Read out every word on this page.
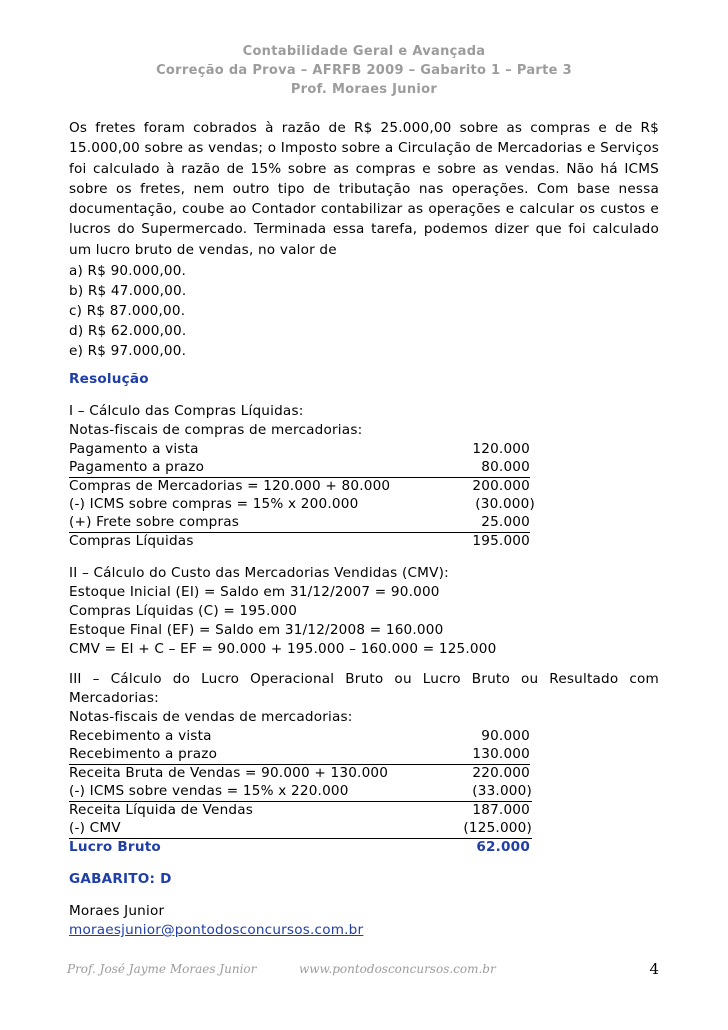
Contabilidade Geral e Avançada
Correção da Prova – AFRFB 2009 – Gabarito 1 – Parte 3
Prof. Moraes Junior
Os fretes foram cobrados à razão de R$ 25.000,00 sobre as compras e de R$ 15.000,00 sobre as vendas; o Imposto sobre a Circulação de Mercadorias e Serviços foi calculado à razão de 15% sobre as compras e sobre as vendas. Não há ICMS sobre os fretes, nem outro tipo de tributação nas operações. Com base nessa documentação, coube ao Contador contabilizar as operações e calcular os custos e lucros do Supermercado. Terminada essa tarefa, podemos dizer que foi calculado um lucro bruto de vendas, no valor de
a) R$ 90.000,00.
b) R$ 47.000,00.
c) R$ 87.000,00.
d) R$ 62.000,00.
e) R$ 97.000,00.
Resolução
I – Cálculo das Compras Líquidas:
Notas-fiscais de compras de mercadorias:
Pagamento a vista	120.000
Pagamento a prazo	80.000
Compras de Mercadorias = 120.000 + 80.000	200.000
(-) ICMS sobre compras = 15% x 200.000	(30.000)
(+) Frete sobre compras	25.000
Compras Líquidas	195.000
II – Cálculo do Custo das Mercadorias Vendidas (CMV):
Estoque Inicial (EI) = Saldo em 31/12/2007 = 90.000
Compras Líquidas (C) = 195.000
Estoque Final (EF) = Saldo em 31/12/2008 = 160.000
CMV = EI + C – EF = 90.000 + 195.000 – 160.000 = 125.000
III – Cálculo do Lucro Operacional Bruto ou Lucro Bruto ou Resultado com
Mercadorias:
Notas-fiscais de vendas de mercadorias:
Recebimento a vista	90.000
Recebimento a prazo	130.000
Receita Bruta de Vendas = 90.000 + 130.000	220.000
(-) ICMS sobre vendas = 15% x 220.000	(33.000)
Receita Líquida de Vendas	187.000
(-) CMV	(125.000)
Lucro Bruto	62.000
GABARITO: D
Moraes Junior
moraesjunior@pontodosconcursos.com.br
Prof. José Jayme Moraes Junior	www.pontodosconcursos.com.br	4
